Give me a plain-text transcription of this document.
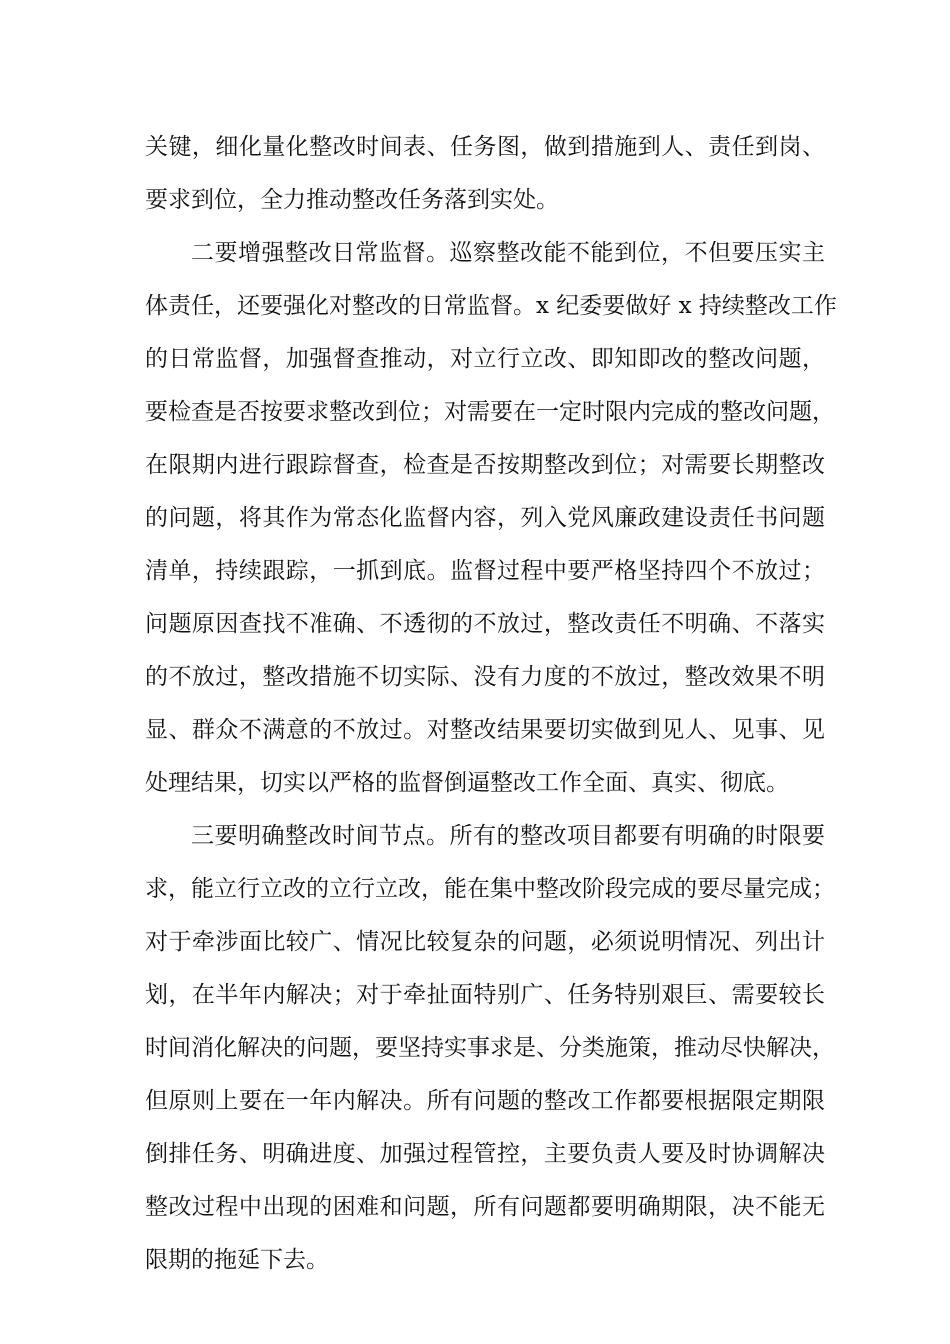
关键，细化量化整改时间表、任务图，做到措施到人、责任到岗、
要求到位，全力推动整改任务落到实处。
二要增强整改日常监督。巡察整改能不能到位，不但要压实主
体责任，还要强化对整改的日常监督。x 纪委要做好 x 持续整改工作
的日常监督，加强督查推动，对立行立改、即知即改的整改问题，
要检查是否按要求整改到位；对需要在一定时限内完成的整改问题，
在限期内进行跟踪督查，检查是否按期整改到位；对需要长期整改
的问题，将其作为常态化监督内容，列入党风廉政建设责任书问题
清单，持续跟踪，一抓到底。监督过程中要严格坚持四个不放过；
问题原因查找不准确、不透彻的不放过，整改责任不明确、不落实
的不放过，整改措施不切实际、没有力度的不放过，整改效果不明
显、群众不满意的不放过。对整改结果要切实做到见人、见事、见
处理结果，切实以严格的监督倒逼整改工作全面、真实、彻底。
三要明确整改时间节点。所有的整改项目都要有明确的时限要
求，能立行立改的立行立改，能在集中整改阶段完成的要尽量完成；
对于牵涉面比较广、情况比较复杂的问题，必须说明情况、列出计
划，在半年内解决；对于牵扯面特别广、任务特别艰巨、需要较长
时间消化解决的问题，要坚持实事求是、分类施策，推动尽快解决，
但原则上要在一年内解决。所有问题的整改工作都要根据限定期限
倒排任务、明确进度、加强过程管控，主要负责人要及时协调解决
整改过程中出现的困难和问题，所有问题都要明确期限，决不能无
限期的拖延下去。
